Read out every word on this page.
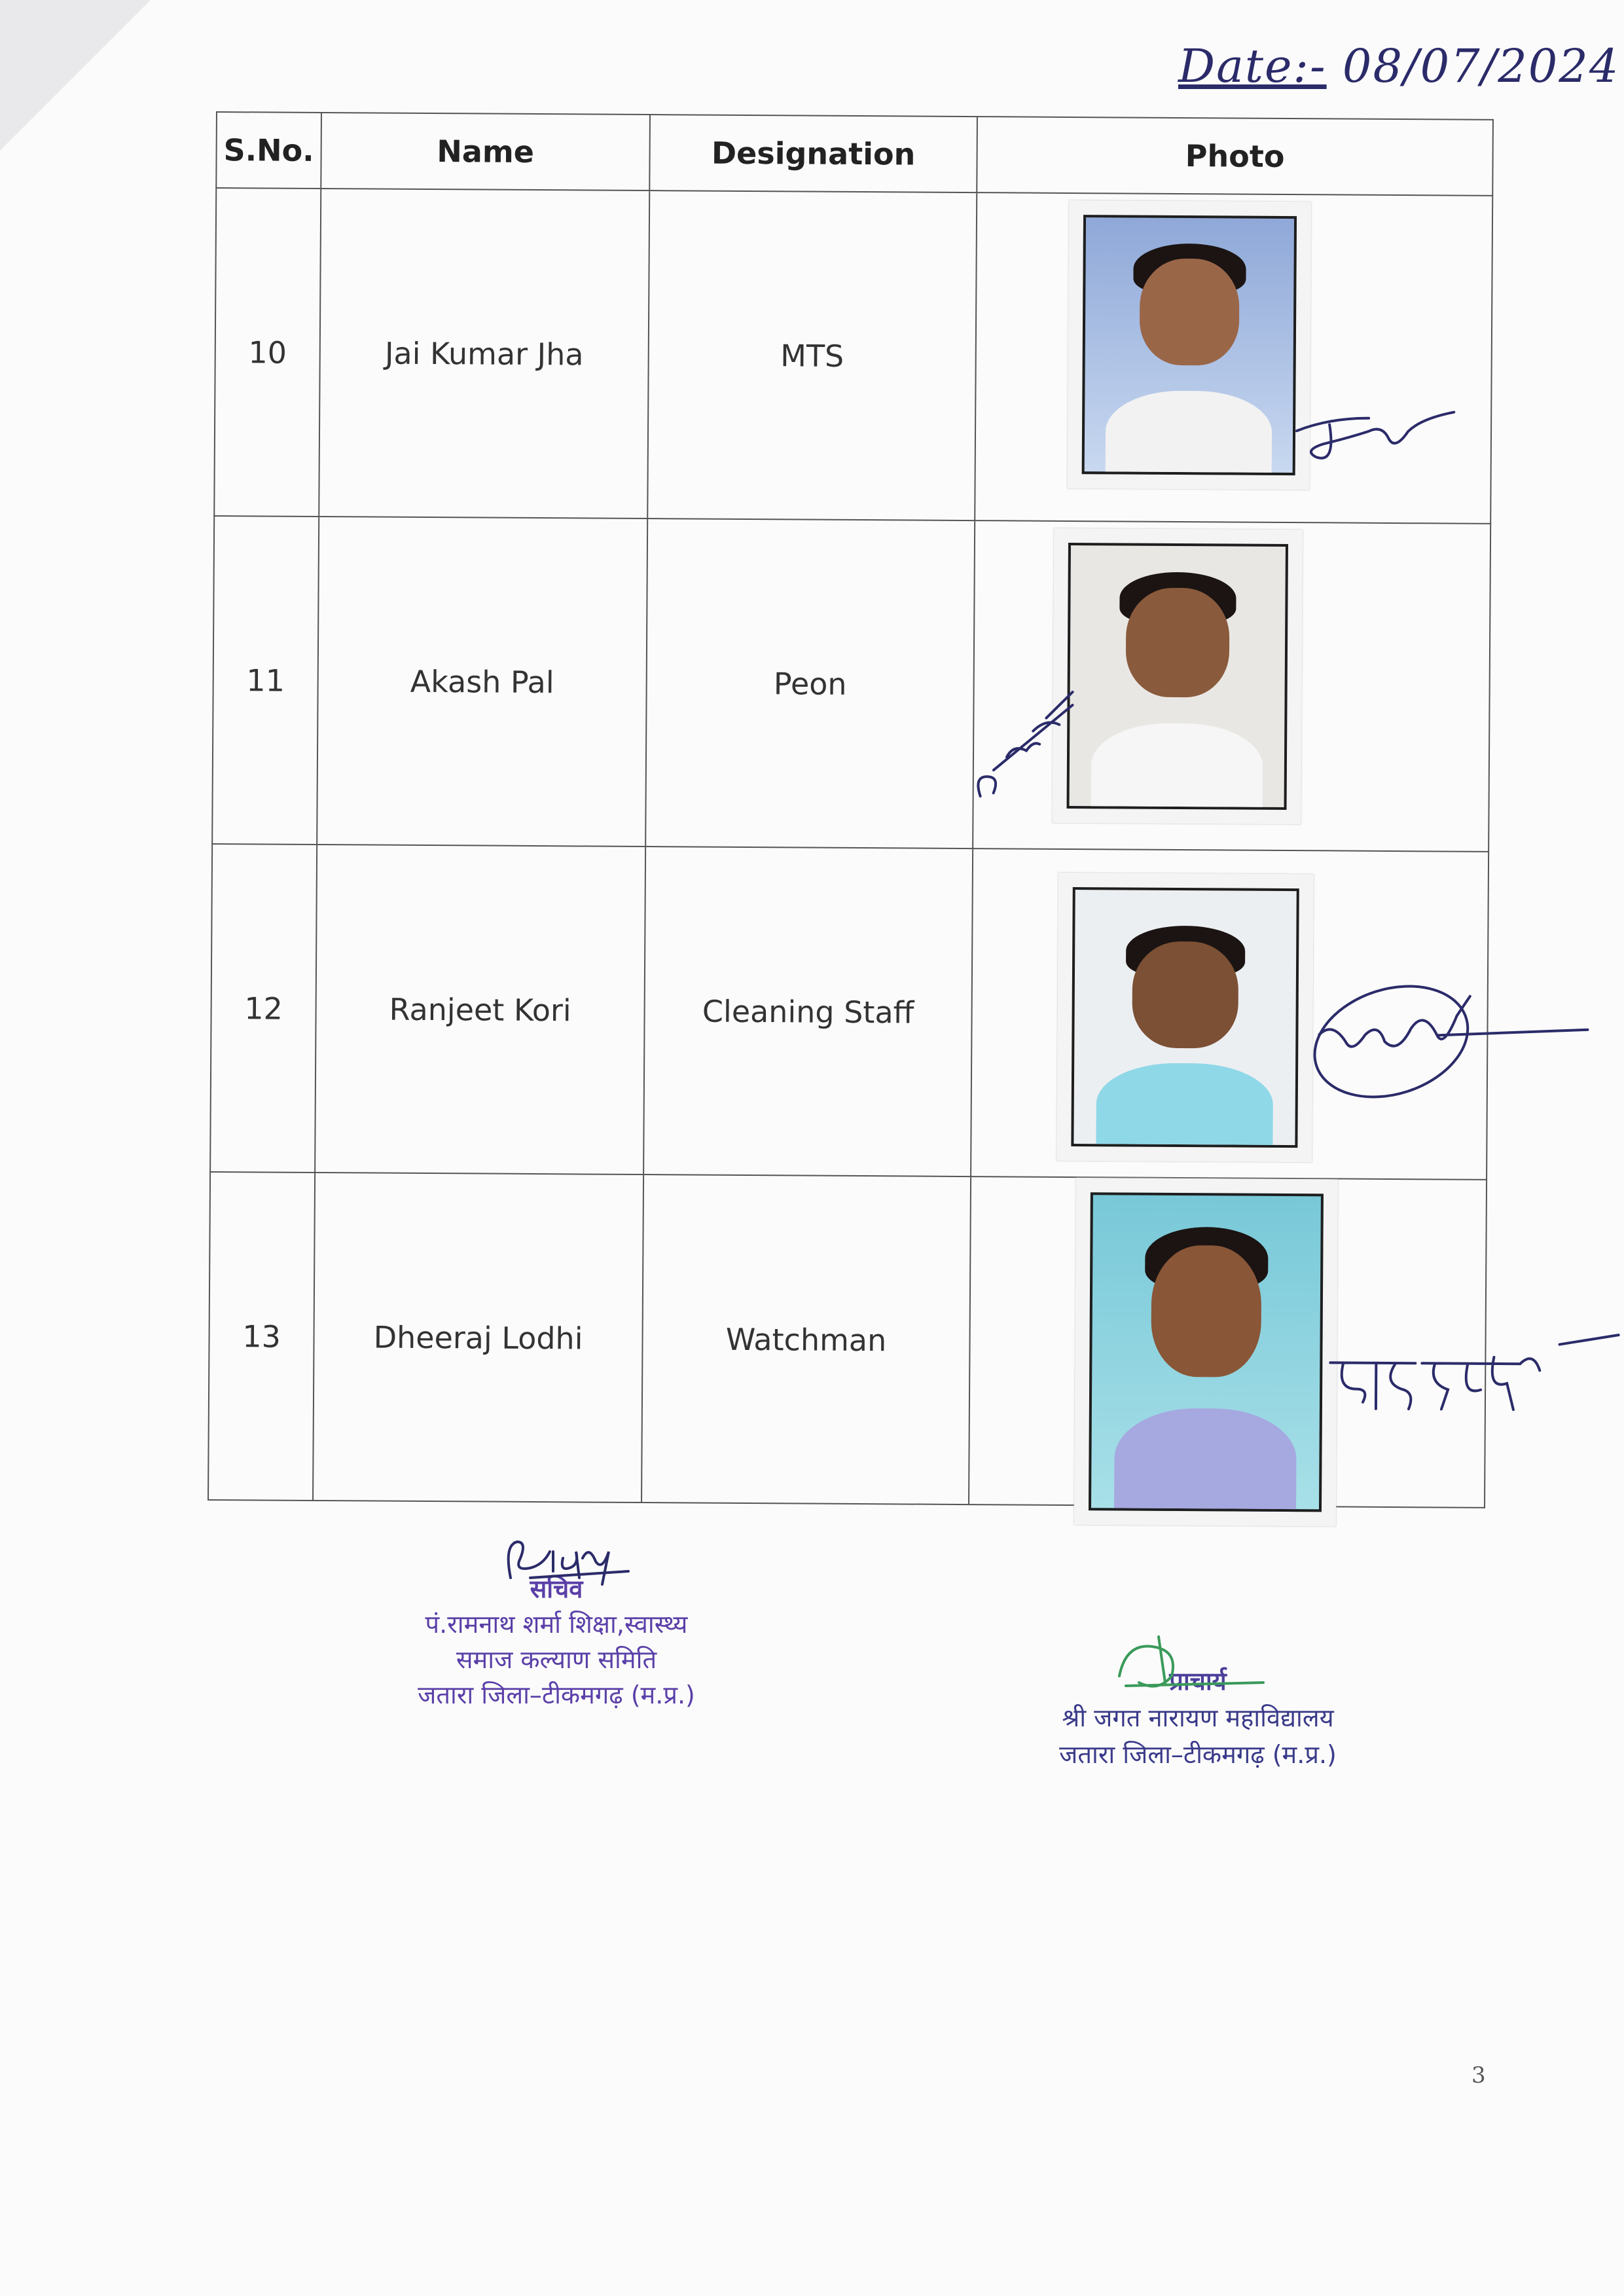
Date:- 08/07/2024
S.No.	Name	Designation	Photo
10	Jai Kumar Jha	MTS	

11	Akash Pal	Peon	

12	Ranjeet Kori	Cleaning Staff	

13	Dheeraj Lodhi	Watchman	
सचिव
पं.रामनाथ शर्मा शिक्षा,स्वास्थ्य
समाज कल्याण समिति
जतारा जिला–टीकमगढ़ (म.प्र.)	प्राचार्य
श्री जगत नारायण महाविद्यालय
जतारा जिला–टीकमगढ़ (म.प्र.)
3
